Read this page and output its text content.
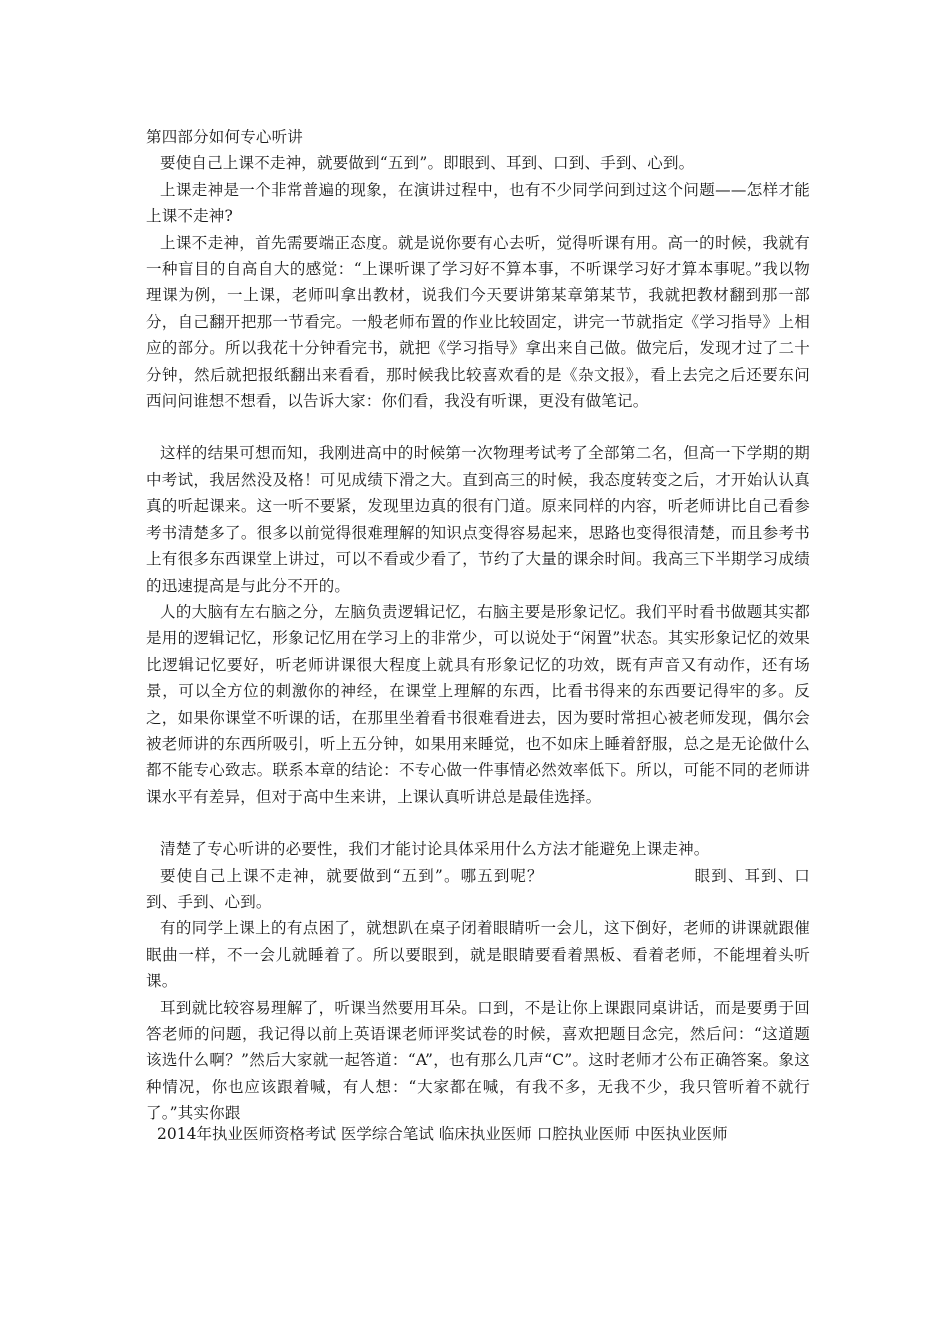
第四部分如何专心听讲

要使自己上课不走神，就要做到“五到”。即眼到、耳到、口到、手到、心到。

上课走神是一个非常普遍的现象，在演讲过程中，也有不少同学问到过这个问题——怎样才能上课不走神?

上课不走神，首先需要端正态度。就是说你要有心去听，觉得听课有用。高一的时候，我就有一种盲目的自高自大的感觉：“上课听课了学习好不算本事，不听课学习好才算本事呢。”我以物理课为例，一上课，老师叫拿出教材，说我们今天要讲第某章第某节，我就把教材翻到那一部分，自己翻开把那一节看完。一般老师布置的作业比较固定，讲完一节就指定《学习指导》上相应的部分。所以我花十分钟看完书，就把《学习指导》拿出来自己做。做完后，发现才过了二十分钟，然后就把报纸翻出来看看，那时候我比较喜欢看的是《杂文报》，看上去完之后还要东问西问问谁想不想看，以告诉大家：你们看，我没有听课，更没有做笔记。

这样的结果可想而知，我刚进高中的时候第一次物理考试考了全部第二名，但高一下学期的期中考试，我居然没及格！可见成绩下滑之大。直到高三的时候，我态度转变之后，才开始认认真真的听起课来。这一听不要紧，发现里边真的很有门道。原来同样的内容，听老师讲比自己看参考书清楚多了。很多以前觉得很难理解的知识点变得容易起来，思路也变得很清楚，而且参考书上有很多东西课堂上讲过，可以不看或少看了，节约了大量的课余时间。我高三下半期学习成绩的迅速提高是与此分不开的。

人的大脑有左右脑之分，左脑负责逻辑记忆，右脑主要是形象记忆。我们平时看书做题其实都是用的逻辑记忆，形象记忆用在学习上的非常少，可以说处于“闲置”状态。其实形象记忆的效果比逻辑记忆要好，听老师讲课很大程度上就具有形象记忆的功效，既有声音又有动作，还有场景，可以全方位的刺激你的神经，在课堂上理解的东西，比看书得来的东西要记得牢的多。反之，如果你课堂不听课的话，在那里坐着看书很难看进去，因为要时常担心被老师发现，偶尔会被老师讲的东西所吸引，听上五分钟，如果用来睡觉，也不如床上睡着舒服，总之是无论做什么都不能专心致志。联系本章的结论：不专心做一件事情必然效率低下。所以，可能不同的老师讲课水平有差异，但对于高中生来讲，上课认真听讲总是最佳选择。

清楚了专心听讲的必要性，我们才能讨论具体采用什么方法才能避免上课走神。

要使自己上课不走神，就要做到“五到”。哪五到呢？	眼到、耳到、口到、手到、心到。

有的同学上课上的有点困了，就想趴在桌子闭着眼睛听一会儿，这下倒好，老师的讲课就跟催眠曲一样，不一会儿就睡着了。所以要眼到，就是眼睛要看着黑板、看着老师，不能埋着头听课。

耳到就比较容易理解了，听课当然要用耳朵。口到，不是让你上课跟同桌讲话，而是要勇于回答老师的问题，我记得以前上英语课老师评奖试卷的时候，喜欢把题目念完，然后问：“这道题该选什么啊？”然后大家就一起答道：“A”，也有那么几声“C”。这时老师才公布正确答案。象这种情况，你也应该跟着喊，有人想：“大家都在喊，有我不多，无我不少，我只管听着不就行了。”其实你跟

2014年执业医师资格考试 医学综合笔试 临床执业医师 口腔执业医师 中医执业医师
